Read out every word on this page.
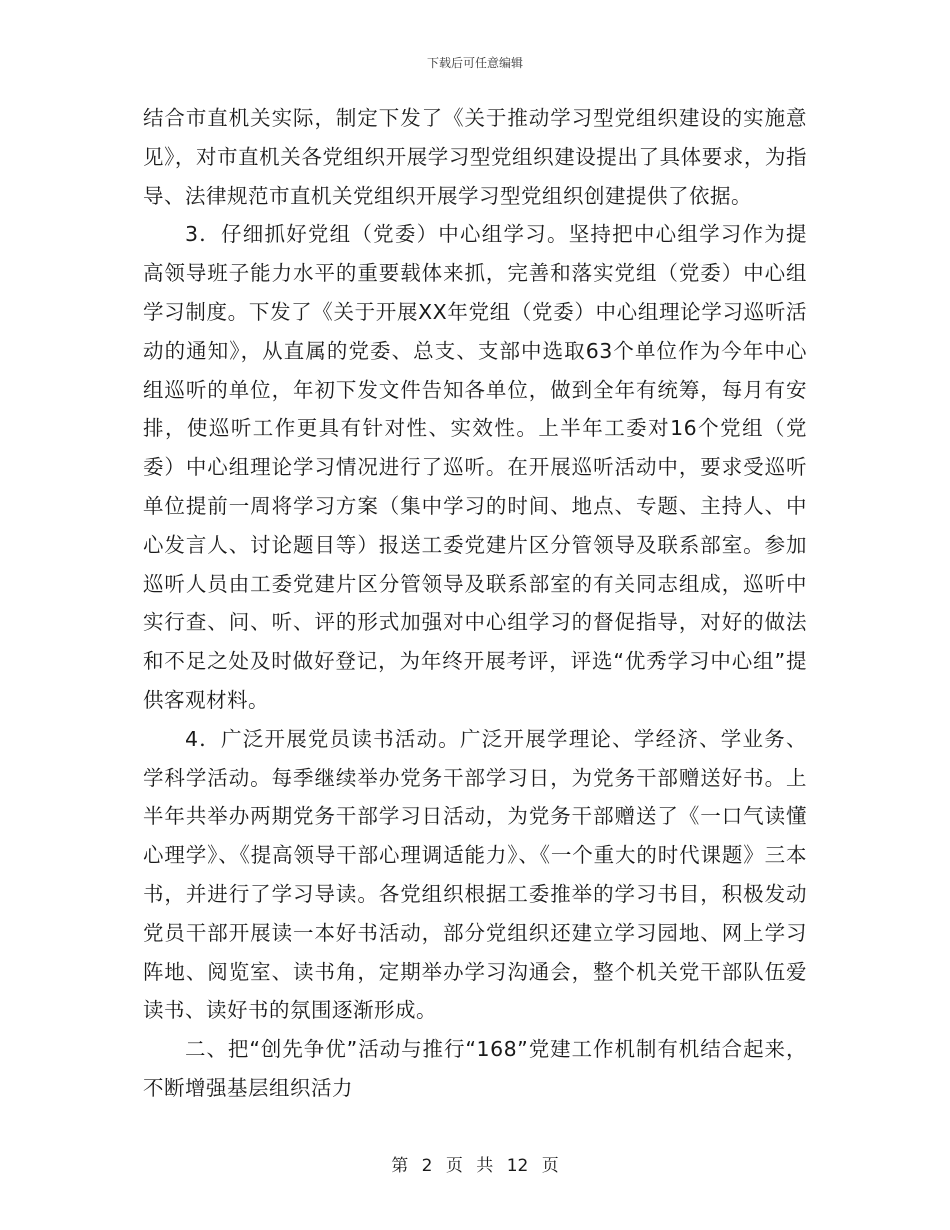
下载后可任意编辑

结合市直机关实际，制定下发了《关于推动学习型党组织建设的实施意见》，对市直机关各党组织开展学习型党组织建设提出了具体要求，为指导、法律规范市直机关党组织开展学习型党组织创建提供了依据。

3．仔细抓好党组（党委）中心组学习。坚持把中心组学习作为提高领导班子能力水平的重要载体来抓，完善和落实党组（党委）中心组学习制度。下发了《关于开展XX年党组（党委）中心组理论学习巡听活动的通知》，从直属的党委、总支、支部中选取63个单位作为今年中心组巡听的单位，年初下发文件告知各单位，做到全年有统筹，每月有安排，使巡听工作更具有针对性、实效性。上半年工委对16个党组（党委）中心组理论学习情况进行了巡听。在开展巡听活动中，要求受巡听单位提前一周将学习方案（集中学习的时间、地点、专题、主持人、中心发言人、讨论题目等）报送工委党建片区分管领导及联系部室。参加巡听人员由工委党建片区分管领导及联系部室的有关同志组成，巡听中实行查、问、听、评的形式加强对中心组学习的督促指导，对好的做法和不足之处及时做好登记，为年终开展考评，评选“优秀学习中心组”提供客观材料。

4．广泛开展党员读书活动。广泛开展学理论、学经济、学业务、学科学活动。每季继续举办党务干部学习日，为党务干部赠送好书。上半年共举办两期党务干部学习日活动，为党务干部赠送了《一口气读懂心理学》、《提高领导干部心理调适能力》、《一个重大的时代课题》三本书，并进行了学习导读。各党组织根据工委推举的学习书目，积极发动党员干部开展读一本好书活动，部分党组织还建立学习园地、网上学习阵地、阅览室、读书角，定期举办学习沟通会，整个机关党干部队伍爱读书、读好书的氛围逐渐形成。

二、把“创先争优”活动与推行“168”党建工作机制有机结合起来，不断增强基层组织活力

第 2 页 共 12 页
